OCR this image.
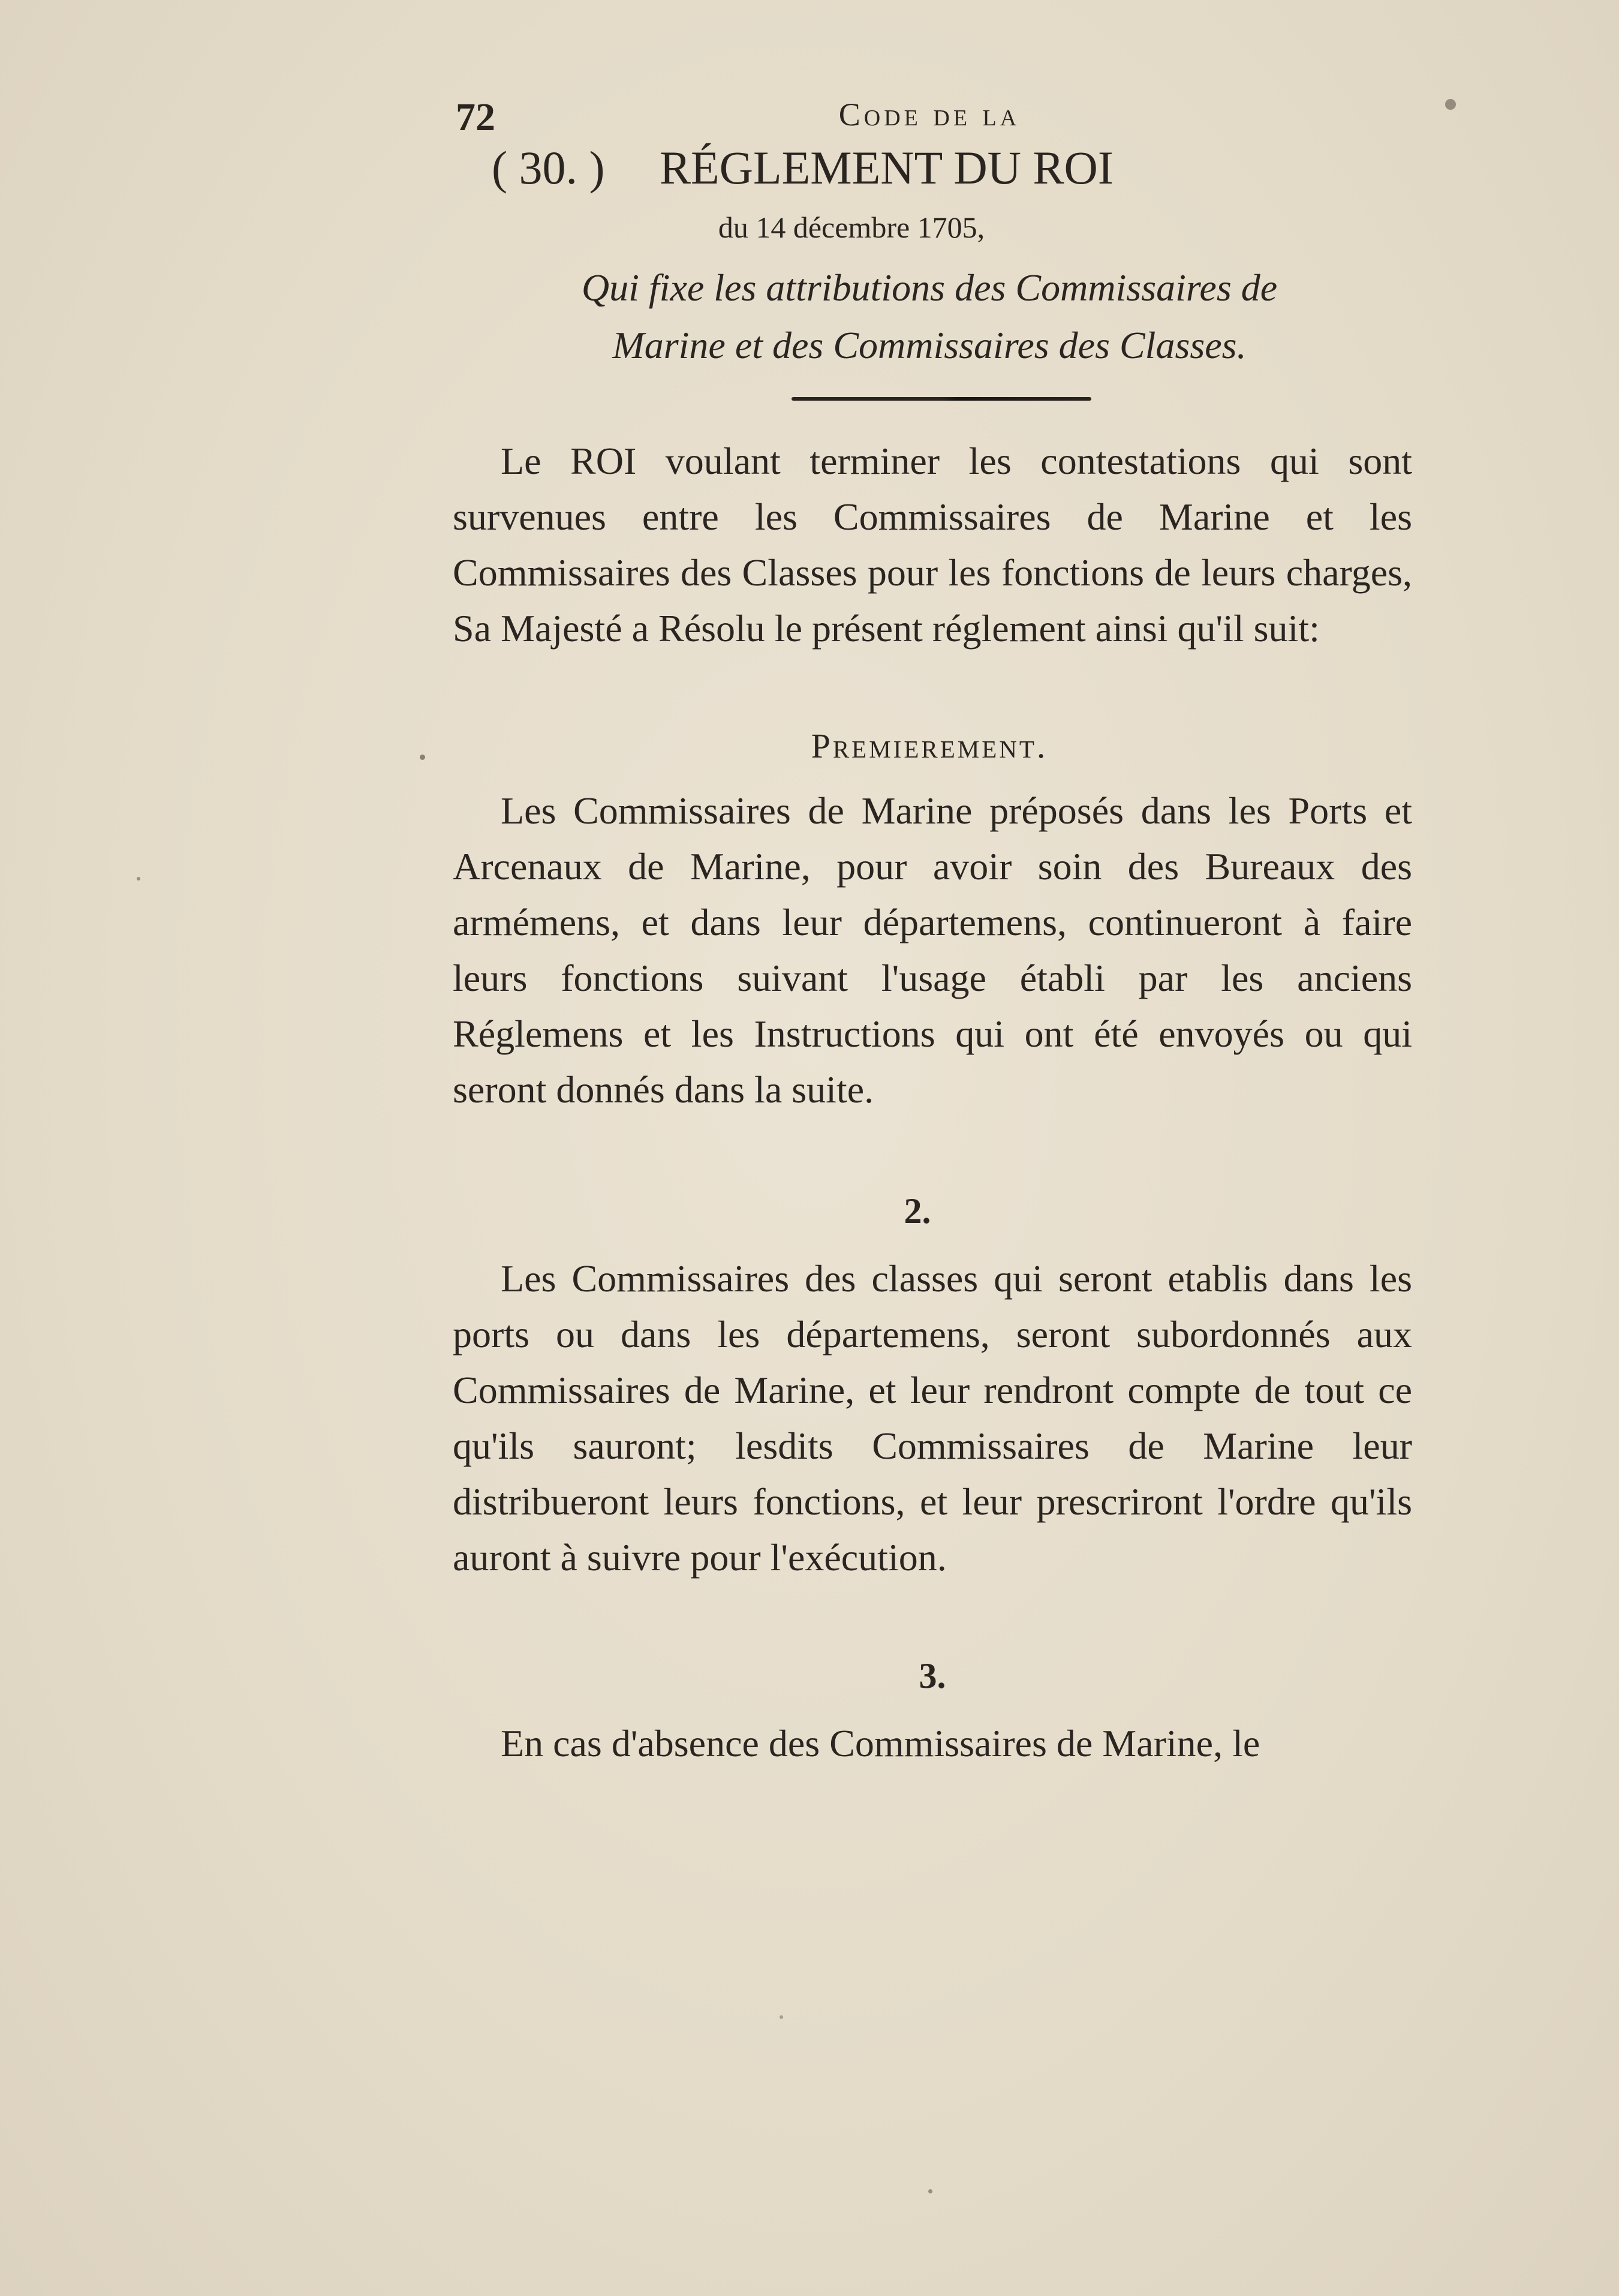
72	Code de la
( 30. ) RÉGLEMENT DU ROI
du 14 décembre 1705,
Qui fixe les attributions des Commissaires de
Marine et des Commissaires des Classes.
Le ROI voulant terminer les contestations qui sont survenues entre les Commissaires de Marine et les Commissaires des Classes pour les fonctions de leurs charges, Sa Majesté a Résolu le présent réglement ainsi qu'il suit:
Premierement.
Les Commissaires de Marine préposés dans les Ports et Arcenaux de Marine, pour avoir soin des Bureaux des armémens, et dans leur départemens, continueront à faire leurs fonctions suivant l'usage établi par les anciens Réglemens et les Instructions qui ont été envoyés ou qui seront donnés dans la suite.
2.
Les Commissaires des classes qui seront etablis dans les ports ou dans les départemens, seront subordonnés aux Commissaires de Marine, et leur rendront compte de tout ce qu'ils sauront; lesdits Commissaires de Marine leur distribueront leurs fonctions, et leur prescriront l'ordre qu'ils auront à suivre pour l'exécution.
3.
En cas d'absence des Commissaires de Marine, le
